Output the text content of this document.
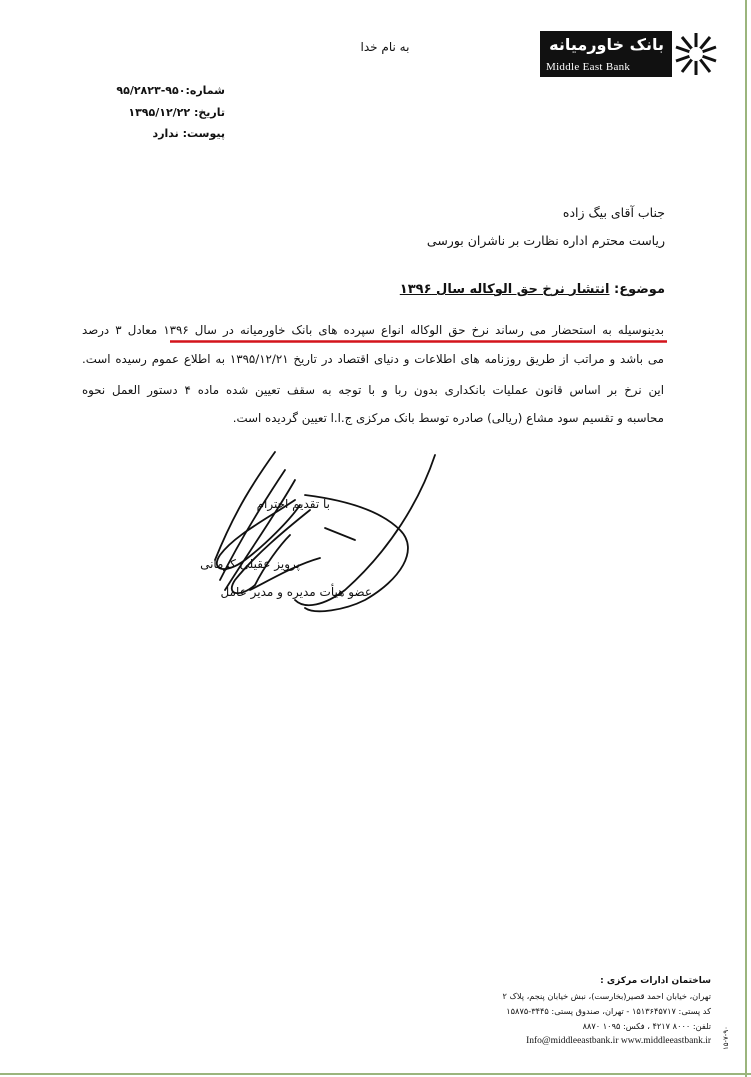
به نام خدا	بانک خاورمیانه
Middle East Bank
شماره:۹۵۰-۹۵/۲۸۲۳
تاریخ: ۱۳۹۵/۱۲/۲۲
پیوست: ندارد
جناب آقای بیگ زاده
ریاست محترم اداره نظارت بر ناشران بورسی
موضوع: انتشار نرخ حق الوکاله سال ۱۳۹۶
بدینوسیله به استحضار می رساند نرخ حق الوکاله انواع سپرده های بانک خاورمیانه در سال ۱۳۹۶ معادل ۳ درصد
می باشد و مراتب از طریق روزنامه های اطلاعات و دنیای اقتصاد در تاریخ ۱۳۹۵/۱۲/۲۱ به اطلاع عموم رسیده است.
این نرخ بر اساس قانون عملیات بانکداری بدون ربا و با توجه به سقف تعیین شده ماده ۴ دستور العمل نحوه
محاسبه و تقسیم سود مشاع (ریالی) صادره توسط بانک مرکزی ج.ا.ا تعیین گردیده است.
با تقدیم احترام
پرویز عقیلی کرمانی
عضو هیأت مدیره و مدیر عامل
ساختمان ادارات مرکزی :
تهران، خیابان احمد قصیر(بخارست)، نبش خیابان پنجم، پلاک ۲
کد پستی: ۱۵۱۳۶۴۵۷۱۷ - تهران، صندوق پستی: ۳۴۴۵-۱۵۸۷۵
تلفن: ۸۰۰۰ ۴۲۱۷ ، فکس: ۱۰۹۵ ۸۸۷۰
Info@middleeastbank.ir www.middleeastbank.ir ۱۵-۷-۹۰
